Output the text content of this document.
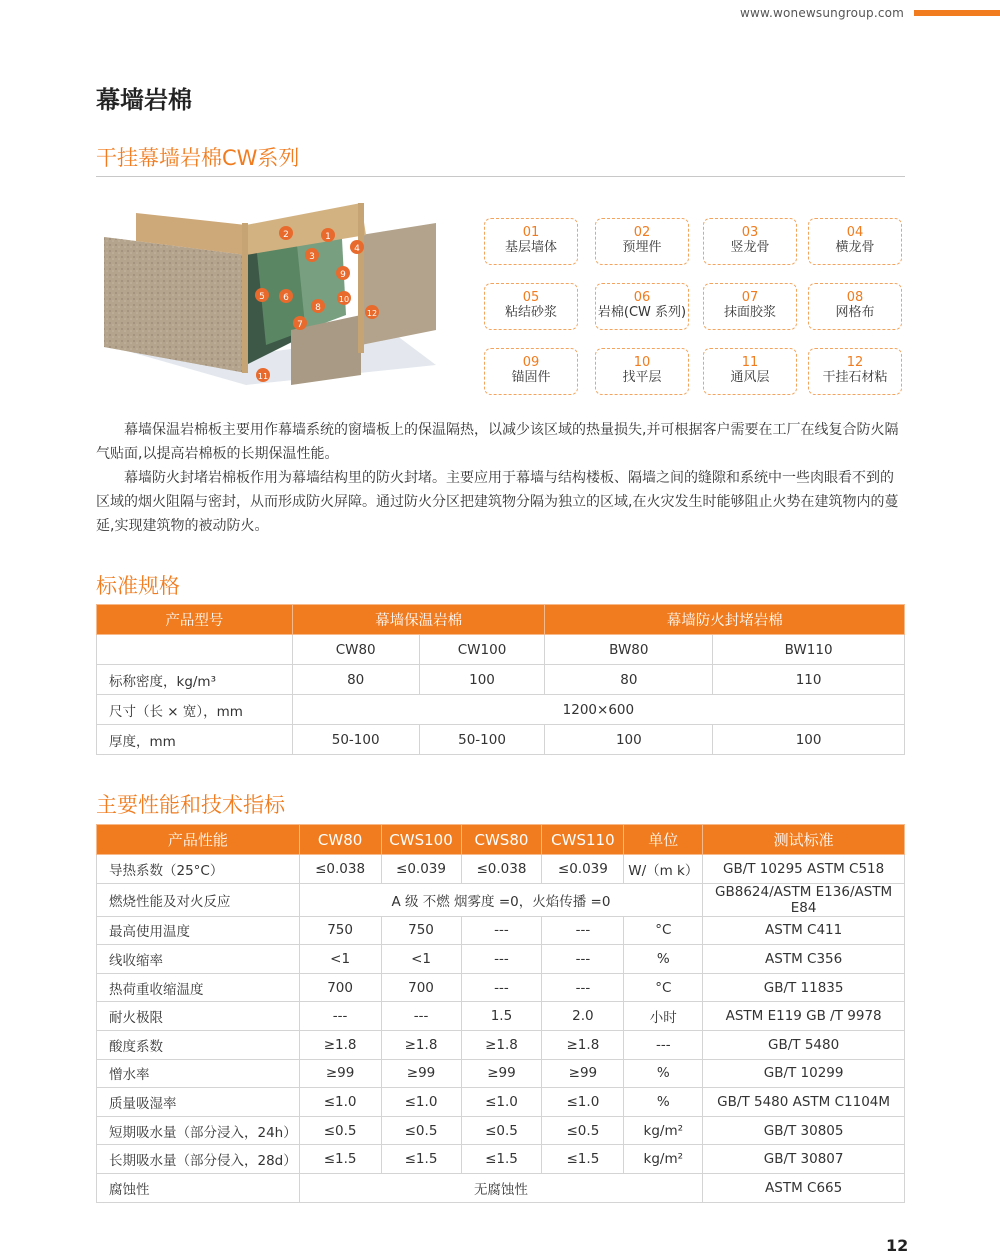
www.wonewsungroup.com
幕墙岩棉
干挂幕墙岩棉CW系列
2	1
3
4
9
5 6
8
10
12
7
11
01
基层墙体
02
预埋件
03
竖龙骨
04
横龙骨
05
粘结砂浆
06
岩棉(CW 系列)
07
抹面胶浆
08
网格布
09
锚固件
10
找平层
11
通风层
12
干挂石材粘

幕墙保温岩棉板主要用作幕墙系统的窗墙板上的保温隔热，以减少该区域的热量损失,并可根据客户需要在工厂在线复合防火隔气贴面,以提高岩棉板的长期保温性能。

幕墙防火封堵岩棉板作用为幕墙结构里的防火封堵。主要应用于幕墙与结构楼板、隔墙之间的缝隙和系统中一些肉眼看不到的区域的烟火阻隔与密封，从而形成防火屏障。通过防火分区把建筑物分隔为独立的区域,在火灾发生时能够阻止火势在建筑物内的蔓延,实现建筑物的被动防火。

标准规格
产品型号	幕墙保温岩棉		幕墙防火封堵岩棉	
	CW80	CW100	BW80	BW110
标称密度，kg/m³	80	100	80	110
尺寸（长 × 宽），mm	1200×600			
厚度，mm	50-100	50-100	100	100
主要性能和技术指标
产品性能	CW80	CWS100	CWS80	CWS110	单位	测试标准
导热系数（25°C）	≤0.038	≤0.039	≤0.038	≤0.039	W/（m k）	GB/T 10295 ASTM C518
燃烧性能及对火反应	A 级 不燃 烟雾度 =0，火焰传播 =0					GB8624/ASTM E136/ASTM E84
最高使用温度	750	750	---	---	°C	ASTM C411
线收缩率	<1	<1	---	---	%	ASTM C356
热荷重收缩温度	700	700	---	---	°C	GB/T 11835
耐火极限	---	---	1.5	2.0	小时	ASTM E119 GB /T 9978
酸度系数	≥1.8	≥1.8	≥1.8	≥1.8	---	GB/T 5480
憎水率	≥99	≥99	≥99	≥99	%	GB/T 10299
质量吸湿率	≤1.0	≤1.0	≤1.0	≤1.0	%	GB/T 5480 ASTM C1104M
短期吸水量（部分浸入，24h）	≤0.5	≤0.5	≤0.5	≤0.5	kg/m²	GB/T 30805
长期吸水量（部分侵入，28d）	≤1.5	≤1.5	≤1.5	≤1.5	kg/m²	GB/T 30807
腐蚀性	无腐蚀性					ASTM C665
12
